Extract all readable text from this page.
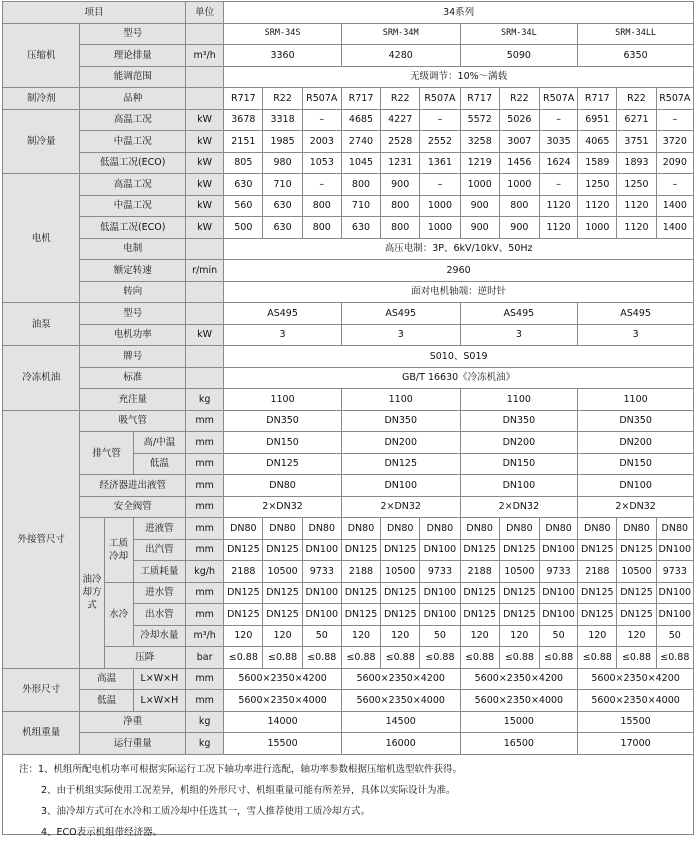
项目				单位	34系列											
压缩机	型号				SRM-34S			SRM-34M			SRM-34L			SRM-34LL		
	理论排量			m³/h	3360			4280			5090			6350		
	能调范围				无级调节：10%～满载											
制冷剂	品种				R717	R22	R507A	R717	R22	R507A	R717	R22	R507A	R717	R22	R507A
制冷量	高温工况			kW	3678	3318	–	4685	4227	–	5572	5026	–	6951	6271	–
	中温工况			kW	2151	1985	2003	2740	2528	2552	3258	3007	3035	4065	3751	3720
	低温工况(ECO)			kW	805	980	1053	1045	1231	1361	1219	1456	1624	1589	1893	2090
电机	高温工况			kW	630	710	–	800	900	–	1000	1000	–	1250	1250	–
	中温工况			kW	560	630	800	710	800	1000	900	800	1120	1120	1120	1400
	低温工况(ECO)			kW	500	630	800	630	800	1000	900	900	1120	1000	1120	1400
	电制				高压电制：3P、6kV/10kV、50Hz											
	额定转速			r/min	2960											
	转向				面对电机轴端：逆时针											
油泵	型号				AS495			AS495			AS495			AS495		
	电机功率			kW	3			3			3			3		
冷冻机油	牌号				S010、S019											
	标准				GB/T 16630《冷冻机油》											
	充注量			kg	1100			1100			1100			1100		
外接管尺寸	吸气管			mm	DN350			DN350			DN350			DN350		
	排气管		高/中温	mm	DN150			DN200			DN200			DN200		
			低温	mm	DN125			DN125			DN150			DN150		
	经济器进出液管			mm	DN80			DN100			DN100			DN100		
	安全阀管			mm	2×DN32			2×DN32			2×DN32			2×DN32		
	油冷却方式	工质冷却	进液管	mm	DN80	DN80	DN80	DN80	DN80	DN80	DN80	DN80	DN80	DN80	DN80	DN80
			出汽管	mm	DN125	DN125	DN100	DN125	DN125	DN100	DN125	DN125	DN100	DN125	DN125	DN100
			工质耗量	kg/h	2188	10500	9733	2188	10500	9733	2188	10500	9733	2188	10500	9733
		水冷	进水管	mm	DN125	DN125	DN100	DN125	DN125	DN100	DN125	DN125	DN100	DN125	DN125	DN100
			出水管	mm	DN125	DN125	DN100	DN125	DN125	DN100	DN125	DN125	DN100	DN125	DN125	DN100
			冷却水量	m³/h	120	120	50	120	120	50	120	120	50	120	120	50
		压降		bar	≤0.88	≤0.88	≤0.88	≤0.88	≤0.88	≤0.88	≤0.88	≤0.88	≤0.88	≤0.88	≤0.88	≤0.88
外形尺寸	高温		L×W×H	mm	5600×2350×4200			5600×2350×4200			5600×2350×4200			5600×2350×4200		
	低温		L×W×H	mm	5600×2350×4000			5600×2350×4000			5600×2350×4000			5600×2350×4000		
机组重量	净重			kg	14000			14500			15000			15500		
	运行重量			kg	15500			16000			16500			17000		

注：1、机组所配电机功率可根据实际运行工况下轴功率进行选配，轴功率参数根据压缩机选型软件获得。

2、由于机组实际使用工况差异，机组的外形尺寸、机组重量可能有所差异，具体以实际设计为准。

3、油冷却方式可在水冷和工质冷却中任选其一，雪人推荐使用工质冷却方式。

4、ECO表示机组带经济器。
